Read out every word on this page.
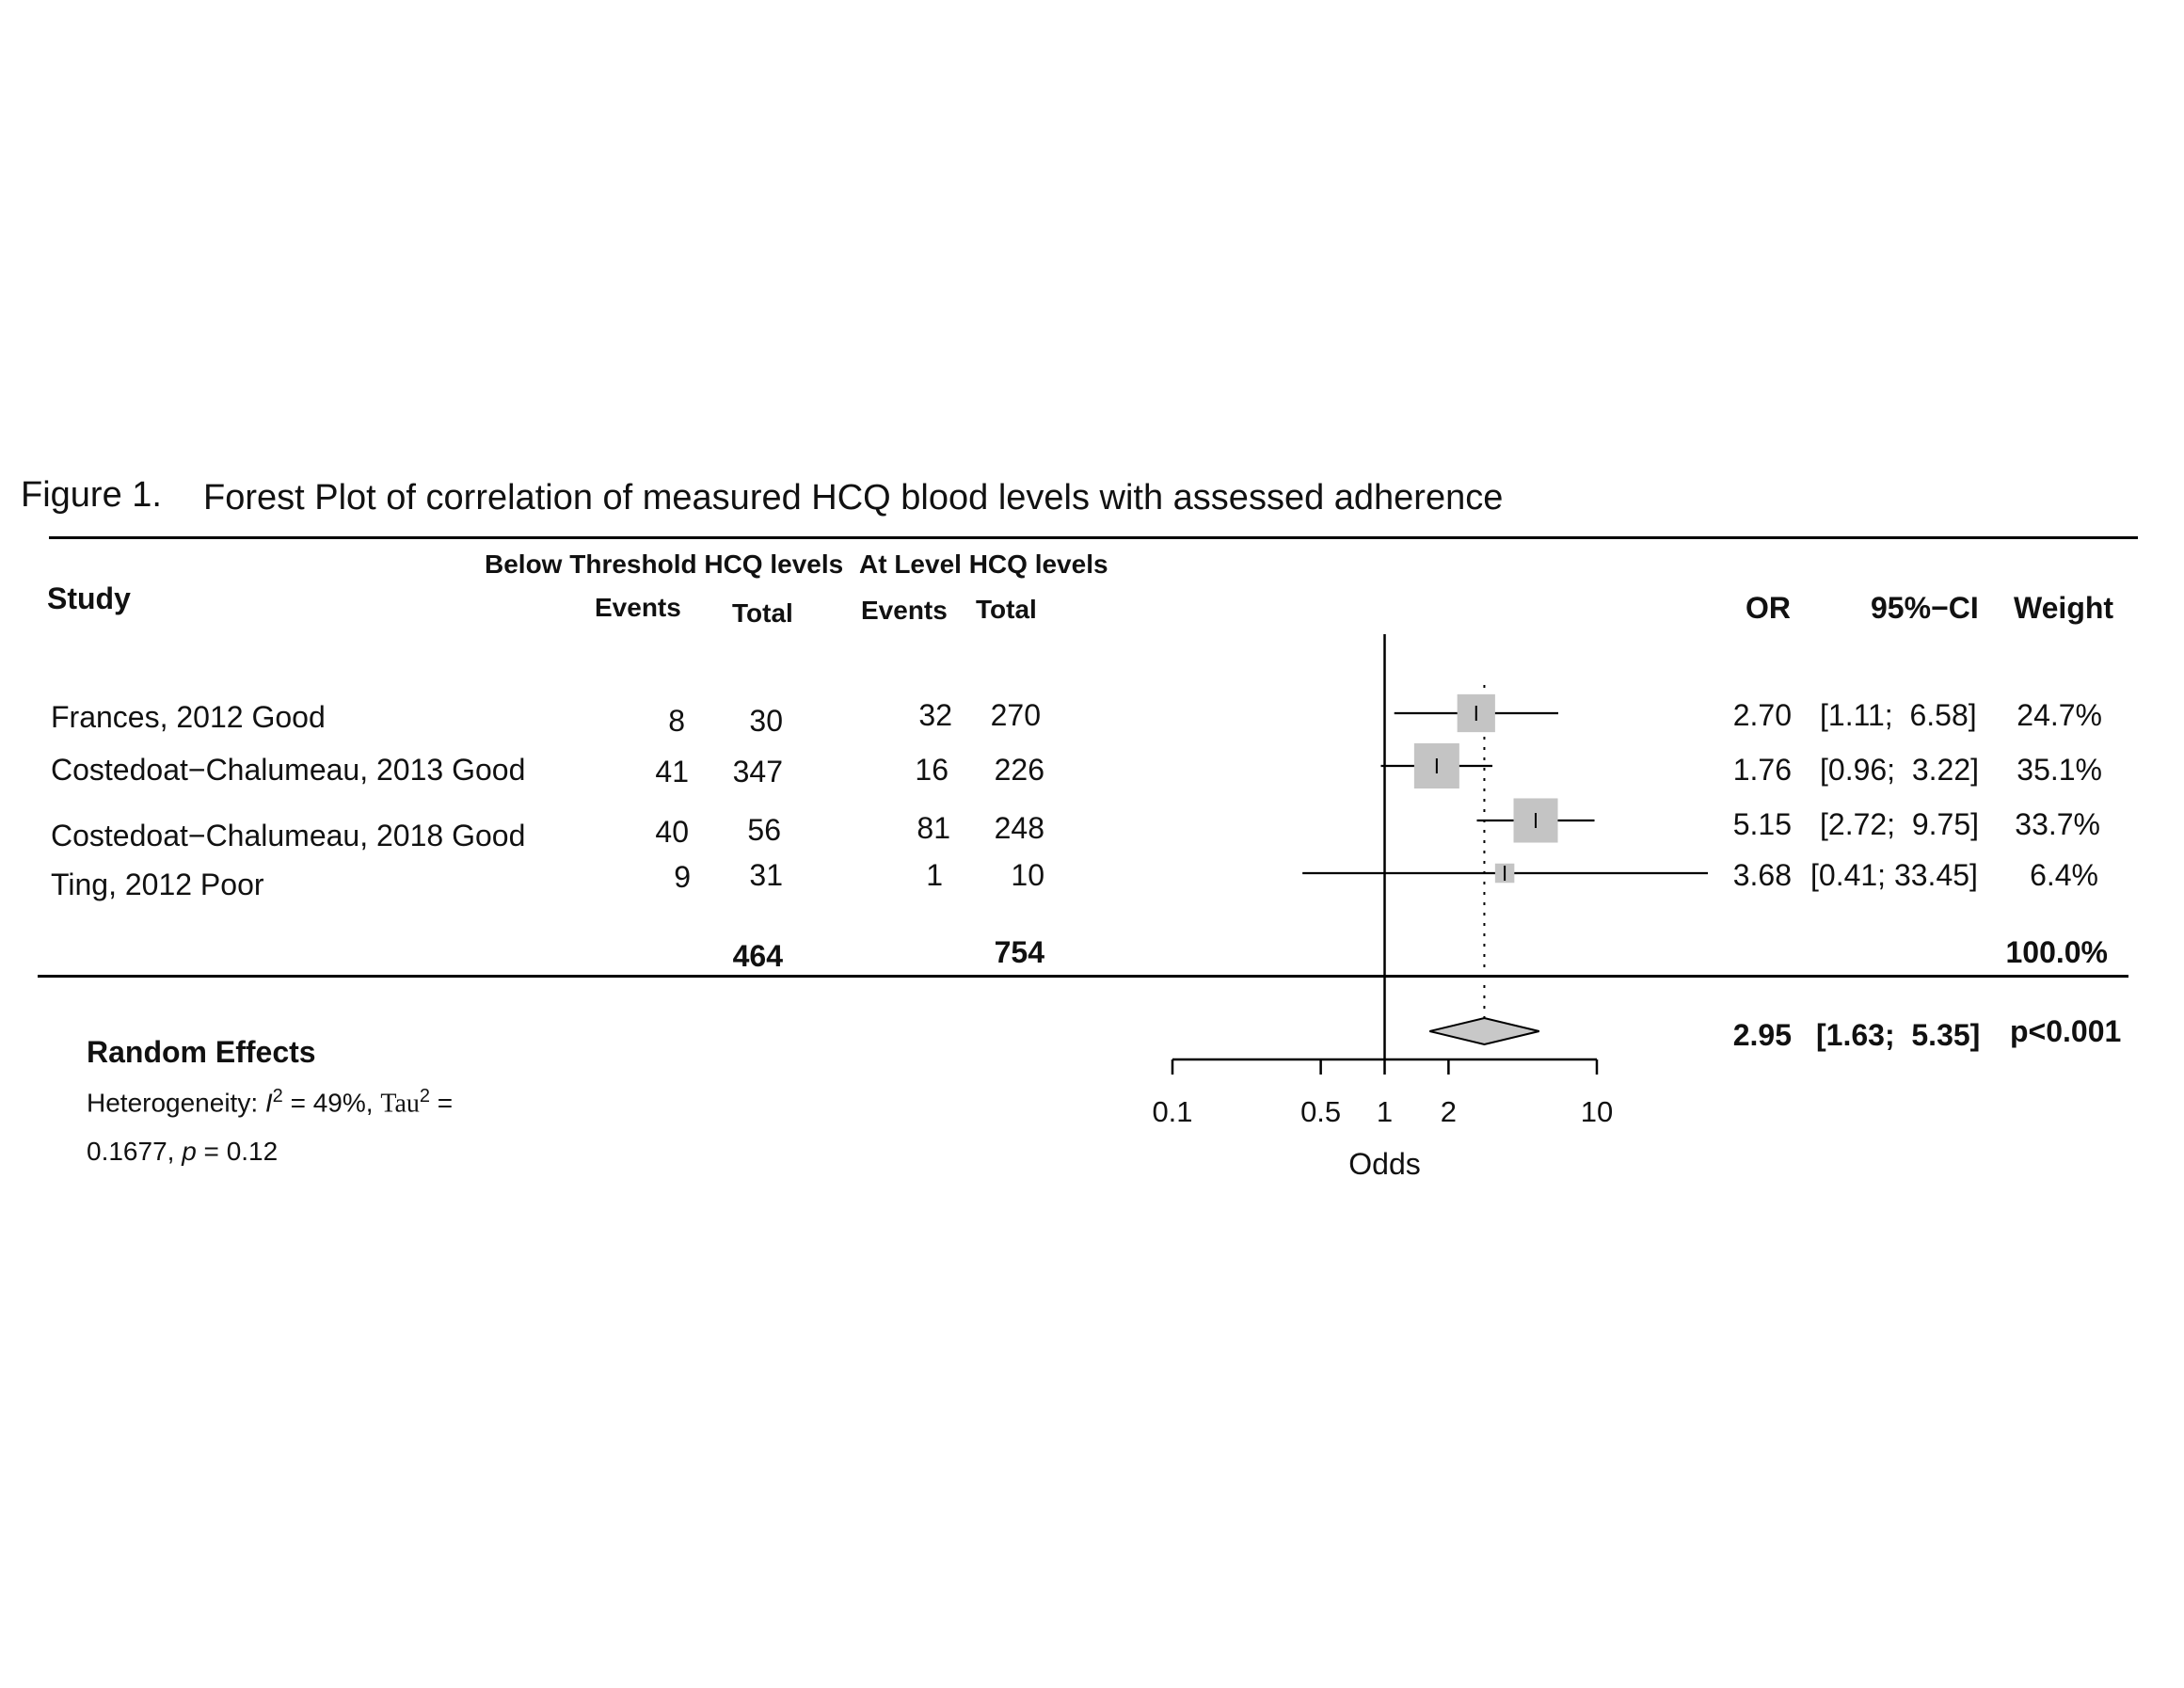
Figure 1. Forest Plot of correlation of measured HCQ blood levels with assessed adherence
Study
Below Threshold HCQ levels At Level HCQ levels
Events Total	Events Total	OR	95%−CI Weight
Frances, 2012 Good	8	30	32	270	2.70 [1.11;  6.58]	24.7%
Costedoat−Chalumeau, 2013 Good	41	347	16	226	1.76 [0.96;  3.22]	35.1%
Costedoat−Chalumeau, 2018 Good	40	56	81	248	5.15 [2.72;  9.75]	33.7%
Ting, 2012 Poor	9	31	1	10	3.68 [0.41; 33.45]	6.4%
464	754	100.0%
Random Effects	2.95 [1.63;  5.35] p<0.001
Heterogeneity: $I^2 = 49\%$, Tau$^2$ =
0.1677, p = 0.12
0.1	0.5 1 2	10
Odds
